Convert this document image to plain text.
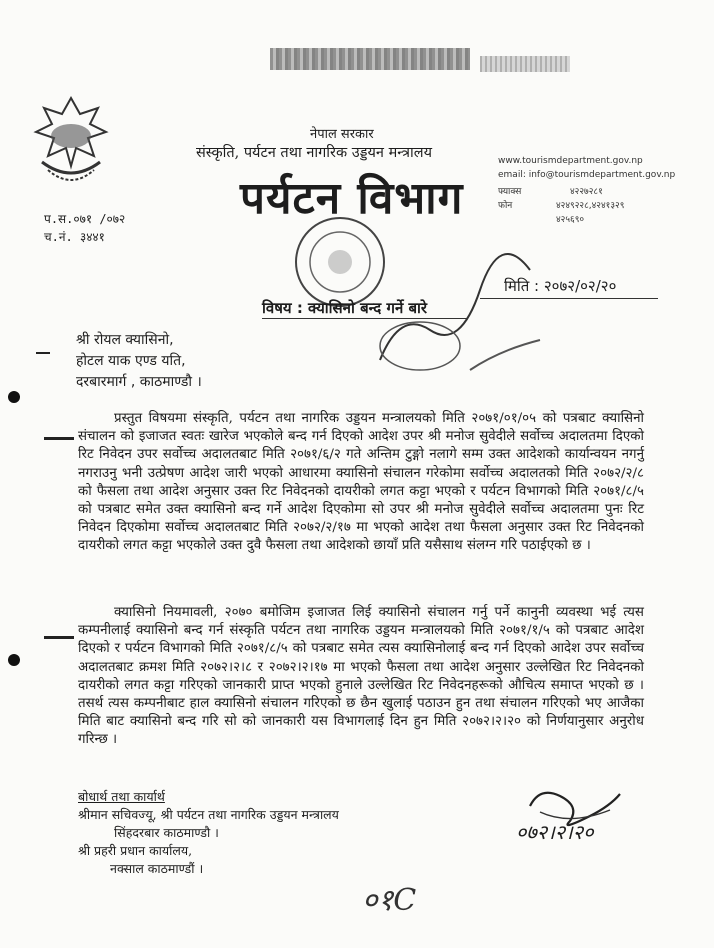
नेपाल सरकार
संस्कृति, पर्यटन तथा नागरिक उड्डयन मन्त्रालय
पर्यटन विभाग
www.tourismdepartment.gov.np
email: info@tourismdepartment.gov.np
फ्याक्स	४२२७२८१
फोन	४२४९२२८,४२४१३२९
४२५६९०
प.स.०७१ /०७२
च.नं. ३४४१
मिति : २०७२/०२/२०
विषय : क्यासिनो बन्द गर्ने बारे
श्री रोयल क्यासिनो,
होटल याक एण्ड यति,
दरबारमार्ग , काठमाण्डौ ।
प्रस्तुत विषयमा संस्कृति, पर्यटन तथा नागरिक उड्डयन मन्त्रालयको मिति २०७१/०१/०५ को पत्रबाट क्यासिनो संचालन को इजाजत स्वतः खारेज भएकोले बन्द गर्न दिएको आदेश उपर श्री मनोज सुवेदीले सर्वोच्च अदालतमा दिएको रिट निवेदन उपर सर्वोच्च अदालतबाट मिति २०७१/६/२ गते अन्तिम टुङ्गो नलागे सम्म उक्त आदेशको कार्यान्वयन नगर्नु नगराउनु भनी उत्प्रेषण आदेश जारी भएको आधारमा क्यासिनो संचालन गरेकोमा सर्वोच्च अदालतको मिति २०७२/२/८ को फैसला तथा आदेश अनुसार उक्त रिट निवेदनको दायरीको लगत कट्टा भएको र पर्यटन विभागको मिति २०७१/८/५ को पत्रबाट समेत उक्त क्यासिनो बन्द गर्ने आदेश दिएकोमा सो उपर श्री मनोज सुवेदीले सर्वोच्च अदालतमा पुनः रिट निवेदन दिएकोमा सर्वोच्च अदालतबाट मिति २०७२/२/१७ मा भएको आदेश तथा फैसला अनुसार उक्त रिट निवेदनको दायरीको लगत कट्टा भएकोले उक्त दुवै फैसला तथा आदेशको छायाँ प्रति यसैसाथ संलग्न गरि पठाईएको छ ।
क्यासिनो नियमावली, २०७० बमोजिम इजाजत लिई क्यासिनो संचालन गर्नु पर्ने कानुनी व्यवस्था भई त्यस कम्पनीलाई क्यासिनो बन्द गर्न संस्कृति पर्यटन तथा नागरिक उड्डयन मन्त्रालयको मिति २०७१/१/५ को पत्रबाट आदेश दिएको र पर्यटन विभागको मिति २०७१/८/५ को पत्रबाट समेत त्यस क्यासिनोलाई बन्द गर्न दिएको आदेश उपर सर्वोच्च अदालतबाट क्रमश मिति २०७२।२।८ र २०७२।२।१७ मा भएको फैसला तथा आदेश अनुसार उल्लेखित रिट निवेदनको दायरीको लगत कट्टा गरिएको जानकारी प्राप्त भएको हुनाले उल्लेखित रिट निवेदनहरूको औचित्य समाप्त भएको छ । तसर्थ त्यस कम्पनीबाट हाल क्यासिनो संचालन गरिएको छ छैन खुलाई पठाउन हुन तथा संचालन गरिएको भए आजैका मिति बाट क्यासिनो बन्द गरि सो को जानकारी यस विभागलाई दिन हुन मिति २०७२।२।२० को निर्णयानुसार अनुरोध गरिन्छ ।
बोधार्थ तथा कार्यार्थ
श्रीमान सचिवज्यू, श्री पर्यटन तथा नागरिक उड्डयन मन्त्रालय
सिंहदरबार काठमाण्डौ ।
श्री प्रहरी प्रधान कार्यालय,
नक्साल काठमाण्डौं ।
०७२।२।२०
०१C
